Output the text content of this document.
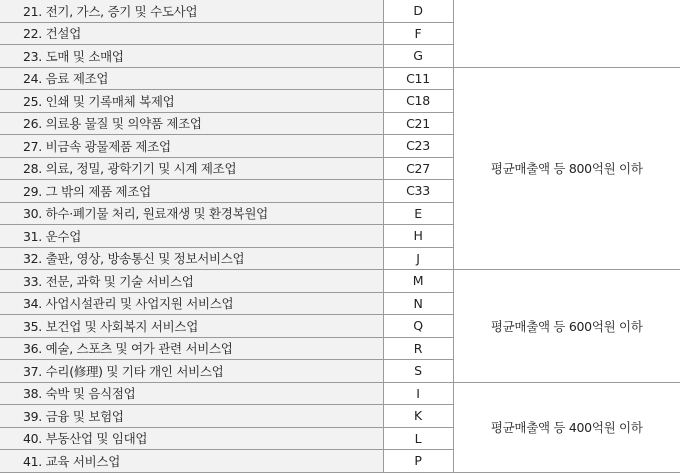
21. 전기, 가스, 증기 및 수도사업	D	
22. 건설업	F	
23. 도매 및 소매업	G	
24. 음료 제조업	C11	평균매출액 등 800억원 이하
25. 인쇄 및 기록매체 복제업	C18	
26. 의료용 물질 및 의약품 제조업	C21	
27. 비금속 광물제품 제조업	C23	
28. 의료, 정밀, 광학기기 및 시계 제조업	C27	
29. 그 밖의 제품 제조업	C33	
30. 하수·폐기물 처리, 원료재생 및 환경복원업	E	
31. 운수업	H	
32. 출판, 영상, 방송통신 및 정보서비스업	J	
33. 전문, 과학 및 기술 서비스업	M	평균매출액 등 600억원 이하
34. 사업시설관리 및 사업지원 서비스업	N	
35. 보건업 및 사회복지 서비스업	Q	
36. 예술, 스포츠 및 여가 관련 서비스업	R	
37. 수리(修理) 및 기타 개인 서비스업	S	
38. 숙박 및 음식점업	I	평균매출액 등 400억원 이하
39. 금융 및 보험업	K	
40. 부동산업 및 임대업	L	
41. 교육 서비스업	P	
